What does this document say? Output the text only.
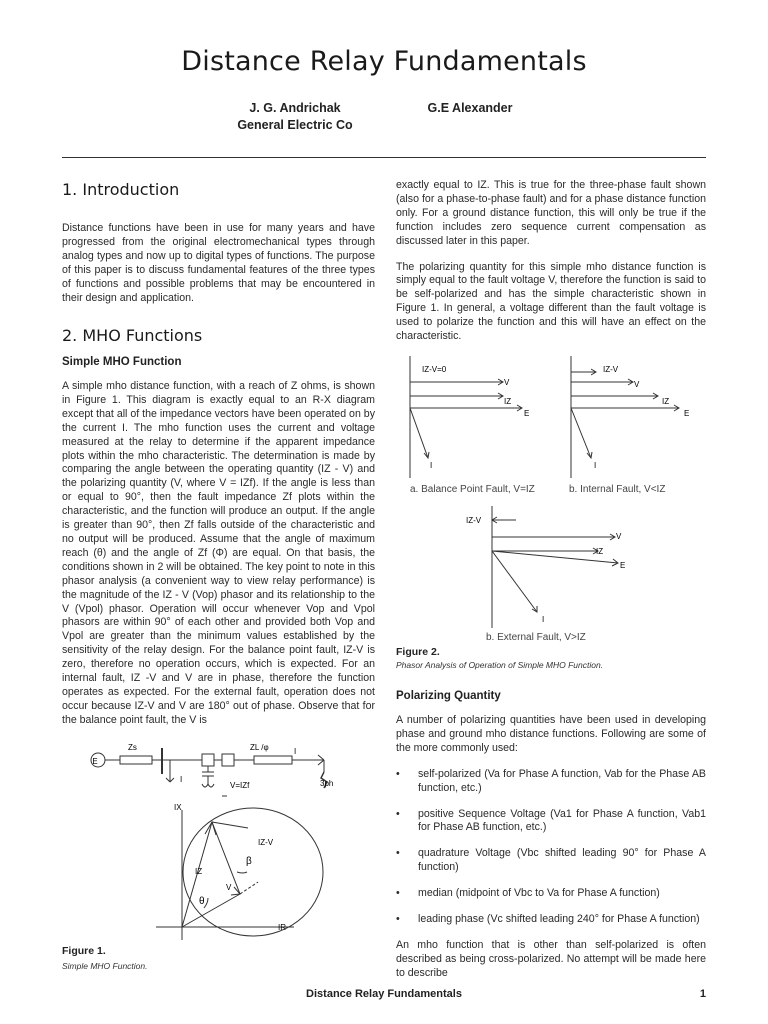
Distance Relay Fundamentals
J. G. Andrichak
General Electric Co
G.E Alexander
1. Introduction

Distance functions have been in use for many years and have progressed from the original electromechanical types through analog types and now up to digital types of functions. The purpose of this paper is to discuss fundamental features of the three types of functions and possible problems that may be encountered in their design and application.

2. MHO Functions
Simple MHO Function

A simple mho distance function, with a reach of Z ohms, is shown in Figure 1. This diagram is exactly equal to an R-X diagram except that all of the impedance vectors have been operated on by the current I. The mho function uses the current and voltage measured at the relay to determine if the apparent impedance plots within the mho characteristic. The determination is made by comparing the angle between the operating quantity (IZ - V) and the polarizing quantity (V, where V = IZf). If the angle is less than or equal to 90°, then the fault impedance Zf plots within the characteristic, and the function will produce an output. If the angle is greater than 90°, then Zf falls outside of the characteristic and no output will be produced. Assume that the angle of maximum reach (θ) and the angle of Zf (Φ) are equal. On that basis, the conditions shown in 2 will be obtained. The key point to note in this phasor analysis (a convenient way to view relay performance) is the magnitude of the IZ - V (Vop) phasor and its relationship to the V (Vpol) phasor. Operation will occur whenever Vop and Vpol phasors are within 90° of each other and provided both Vop and Vpol are greater than the minimum values established by the sensitivity of the relay design. For the balance point fault, IZ-V is zero, therefore no operation occurs, which is expected. For an internal fault, IZ -V and V are in phase, therefore the function operates as expected. For the external fault, operation does not occur because IZ-V and V are 180° out of phase. Observe that for the balance point fault, the V is

E
Zs	ZL /φ	I
I
V=IZf	3ph
IX
IR
IZ
IZ-V
V
β
θ
Figure 1.
Simple MHO Function.

exactly equal to IZ. This is true for the three-phase fault shown (also for a phase-to-phase fault) and for a phase distance function only. For a ground distance function, this will only be true if the function includes zero sequence current compensation as discussed later in this paper.

The polarizing quantity for this simple mho distance function is simply equal to the fault voltage V, therefore the function is said to be self-polarized and has the simple characteristic shown in Figure 1. In general, a voltage different than the fault voltage is used to polarize the function and this will have an effect on the characteristic.

IZ-V=0
V
IZ
E
I
a. Balance Point Fault, V=IZ
IZ-V
V
IZ
E
I
b. Internal Fault, V<IZ
IZ-V
V
IZ
E
I
b. External Fault, V>IZ
Figure 2.
Phasor Analysis of Operation of Simple MHO Function.
Polarizing Quantity

A number of polarizing quantities have been used in developing phase and ground mho distance functions. Following are some of the more commonly used:

• self-polarized (Va for Phase A function, Vab for the Phase AB function, etc.)
• positive Sequence Voltage (Va1 for Phase A function, Vab1 for Phase AB function, etc.)
• quadrature Voltage (Vbc shifted leading 90° for Phase A function)
• median (midpoint of Vbc to Va for Phase A function)
• leading phase (Vc shifted leading 240° for Phase A function)

An mho function that is other than self-polarized is often described as being cross-polarized. No attempt will be made here to describe

Distance Relay Fundamentals	1
